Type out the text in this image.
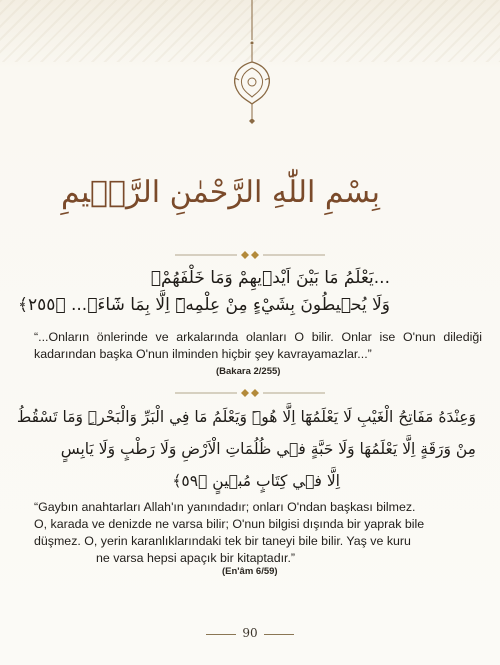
بِسْمِ اللّٰهِ الرَّحْمٰنِ الرَّح۪يمِ
...يَعْلَمُ مَا بَيْنَ اَيْد۪يهِمْ وَمَا خَلْفَهُمْۚ
وَلَا يُح۪يطُونَ بِشَيْءٍ مِنْ عِلْمِه۪ٓ اِلَّا بِمَا شَٓاءَۚ... ﴿٢٥٥﴾
“...Onların önlerinde ve arkalarında olanları O bilir. Onlar ise O'nun dilediği kadarından başka O'nun ilminden hiçbir şey kavrayamazlar...”
(Bakara 2/255)
وَعِنْدَهُ مَفَاتِحُ الْغَيْبِ لَا يَعْلَمُهَٓا اِلَّا هُوَۜ وَيَعْلَمُ مَا فِي الْبَرِّ وَالْبَحْرِۜ وَمَا تَسْقُطُ
مِنْ وَرَقَةٍ اِلَّا يَعْلَمُهَا وَلَا حَبَّةٍ ف۪ي ظُلُمَاتِ الْاَرْضِ وَلَا رَطْبٍ وَلَا يَابِسٍ
اِلَّا ف۪ي كِتَابٍ مُب۪ينٍ ﴿٥٩﴾
“Gaybın anahtarları Allah'ın yanındadır; onları O'ndan başkası bilmez.
O, karada ve denizde ne varsa bilir; O'nun bilgisi dışında bir yaprak bile
düşmez. O, yerin karanlıklarındaki tek bir taneyi bile bilir. Yaş ve kuru
ne varsa hepsi apaçık bir kitaptadır.”
(En'âm 6/59)
90
